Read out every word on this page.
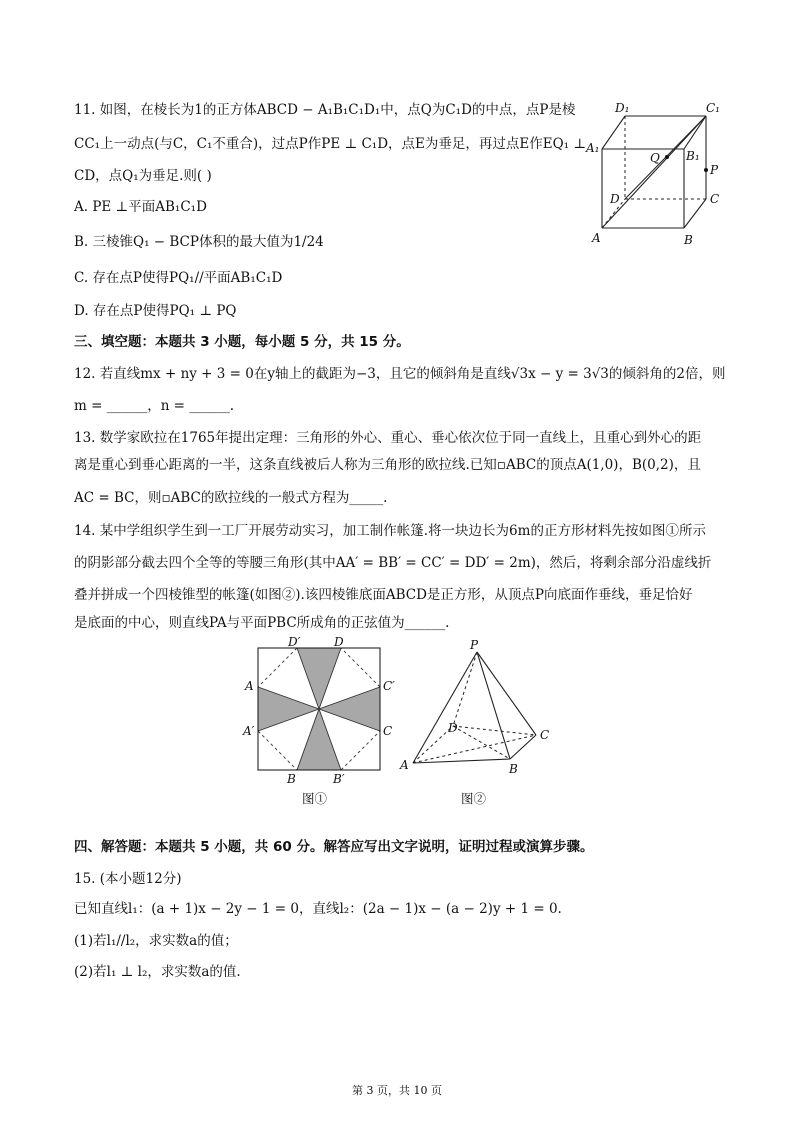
11. 如图，在棱长为1的正方体ABCD − A₁B₁C₁D₁中，点Q为C₁D的中点，点P是棱
CC₁上一动点(与C，C₁不重合)，过点P作PE ⊥ C₁D，点E为垂足，再过点E作EQ₁ ⊥
CD，点Q₁为垂足.则( )
A. PE ⊥平面AB₁C₁D
B. 三棱锥Q₁ − BCP体积的最大值为1/24
C. 存在点P使得PQ₁//平面AB₁C₁D
D. 存在点P使得PQ₁ ⊥ PQ
D₁	C₁
A₁
Q B₁
P
D	C
A	B
三、填空题：本题共 3 小题，每小题 5 分，共 15 分。
12. 若直线mx + ny + 3 = 0在y轴上的截距为−3，且它的倾斜角是直线√3x − y = 3√3的倾斜角的2倍，则
m = ______，n = ______.
13. 数学家欧拉在1765年提出定理：三角形的外心、重心、垂心依次位于同一直线上，且重心到外心的距
离是重心到垂心距离的一半，这条直线被后人称为三角形的欧拉线.已知▫ABC的顶点A(1,0)，B(0,2)，且
AC = BC，则▫ABC的欧拉线的一般式方程为_____.
14. 某中学组织学生到一工厂开展劳动实习，加工制作帐篷.将一块边长为6m的正方形材料先按如图①所示
的阴影部分截去四个全等的等腰三角形(其中AA′ = BB′ = CC′ = DD′ = 2m)，然后，将剩余部分沿虚线折
叠并拼成一个四棱锥型的帐篷(如图②).该四棱锥底面ABCD是正方形，从顶点P向底面作垂线，垂足恰好
是底面的中心，则直线PA与平面PBC所成角的正弦值为______.
D′	D
A	C′
A′	C
B	B′
图①
P
D	C
A	B
图②
四、解答题：本题共 5 小题，共 60 分。解答应写出文字说明，证明过程或演算步骤。
15. (本小题12分)
已知直线l₁：(a + 1)x − 2y − 1 = 0，直线l₂：(2a − 1)x − (a − 2)y + 1 = 0.
(1)若l₁//l₂，求实数a的值；
(2)若l₁ ⊥ l₂，求实数a的值.
第 3 页，共 10 页
